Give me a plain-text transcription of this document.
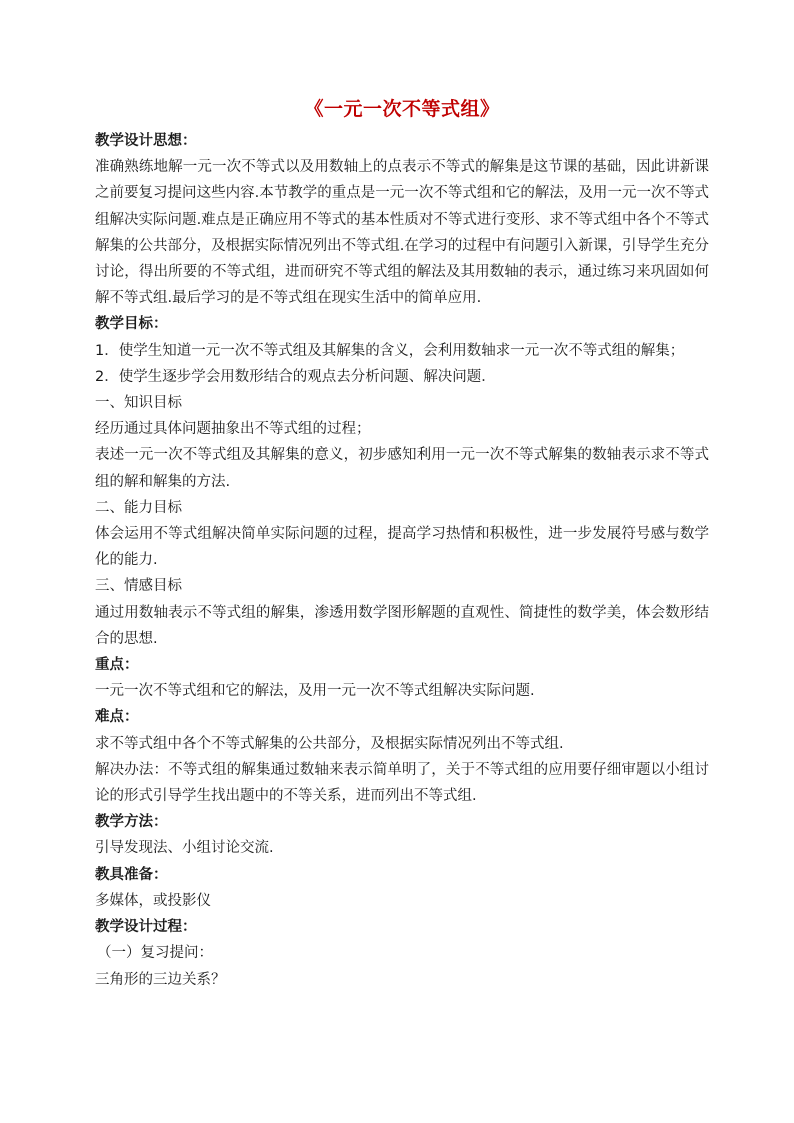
《一元一次不等式组》

教学设计思想：

准确熟练地解一元一次不等式以及用数轴上的点表示不等式的解集是这节课的基础，因此讲新课之前要复习提问这些内容.本节教学的重点是一元一次不等式组和它的解法，及用一元一次不等式组解决实际问题.难点是正确应用不等式的基本性质对不等式进行变形、求不等式组中各个不等式解集的公共部分，及根据实际情况列出不等式组.在学习的过程中有问题引入新课，引导学生充分讨论，得出所要的不等式组，进而研究不等式组的解法及其用数轴的表示，通过练习来巩固如何解不等式组.最后学习的是不等式组在现实生活中的简单应用.

教学目标：

1．使学生知道一元一次不等式组及其解集的含义，会利用数轴求一元一次不等式组的解集；

2．使学生逐步学会用数形结合的观点去分析问题、解决问题．

一、知识目标

经历通过具体问题抽象出不等式组的过程；

表述一元一次不等式组及其解集的意义，初步感知利用一元一次不等式解集的数轴表示求不等式组的解和解集的方法.

二、能力目标

体会运用不等式组解决简单实际问题的过程，提高学习热情和积极性，进一步发展符号感与数学化的能力.

三、情感目标

通过用数轴表示不等式组的解集，渗透用数学图形解题的直观性、简捷性的数学美，体会数形结合的思想.

重点：

一元一次不等式组和它的解法，及用一元一次不等式组解决实际问题.

难点：

求不等式组中各个不等式解集的公共部分，及根据实际情况列出不等式组.

解决办法：不等式组的解集通过数轴来表示简单明了，关于不等式组的应用要仔细审题以小组讨论的形式引导学生找出题中的不等关系，进而列出不等式组.

教学方法：

引导发现法、小组讨论交流.

教具准备：

多媒体，或投影仪

教学设计过程：

（一）复习提问：

三角形的三边关系？
